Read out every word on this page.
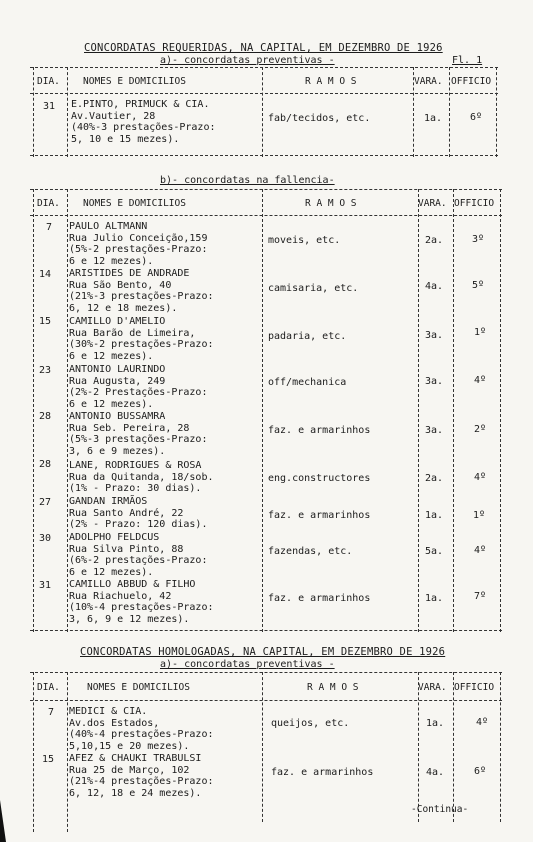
CONCORDATAS REQUERIDAS, NA CAPITAL, EM DEZEMBRO DE 1926
a)- concordatas preventivas -	Fl. 1
DIA. NOMES E DOMICILIOS	R A M O S	VARA. OFFICIO
31 E.PINTO, PRIMUCK & CIA.
Av.Vautier, 28
(40%-3 prestações-Prazo:
5, 10 e 15 mezes).
fab/tecidos, etc.	1a.	6º
b)- concordatas na fallencia-
DIA. NOMES E DOMICILIOS	R A M O S	VARA. OFFICIO
7 PAULO ALTMANN
Rua Julio Conceição,159
(5%-2 prestações-Prazo:
6 e 12 mezes).
moveis, etc.	2a.	3º
14 ARISTIDES DE ANDRADE
Rua São Bento, 40
(21%-3 prestações-Prazo:
6, 12 e 18 mezes).
camisaria, etc.	4a.	5º
15 CAMILLO D'AMELIO
Rua Barão de Limeira,
(30%-2 prestações-Prazo:
6 e 12 mezes).
padaria, etc.	3a.	1º
23 ANTONIO LAURINDO
Rua Augusta, 249
(2%-2 Prestações-Prazo:
6 e 12 mezes).
off/mechanica	3a.	4º
28 ANTONIO BUSSAMRA
Rua Seb. Pereira, 28
(5%-3 prestações-Prazo:
3, 6 e 9 mezes).
faz. e armarinhos	3a.	2º
28 LANE, RODRIGUES & ROSA
Rua da Quitanda, 18/sob.
(1% - Prazo: 30 dias).
eng.constructores	2a.	4º
27 GANDAN IRMÃOS
Rua Santo André, 22
(2% - Prazo: 120 dias).
faz. e armarinhos	1a.	1º
30 ADOLPHO FELDCUS
Rua Silva Pinto, 88
(6%-2 prestações-Prazo:
6 e 12 mezes).
fazendas, etc.	5a.	4º
31 CAMILLO ABBUD & FILHO
Rua Riachuelo, 42
(10%-4 prestações-Prazo:
3, 6, 9 e 12 mezes).
faz. e armarinhos	1a.	7º
CONCORDATAS HOMOLOGADAS, NA CAPITAL, EM DEZEMBRO DE 1926
a)- concordatas preventivas -
DIA.	NOMES E DOMICILIOS	R A M O S	VARA. OFFICIO
7 MEDICI & CIA.
Av.dos Estados,
(40%-4 prestações-Prazo:
5,10,15 e 20 mezes).
queijos, etc.	1a.	4º
15 AFEZ & CHAUKI TRABULSI
Rua 25 de Março, 102
(21%-4 prestações-Prazo:
6, 12, 18 e 24 mezes).
faz. e armarinhos	4a.	6º
-Continua-
